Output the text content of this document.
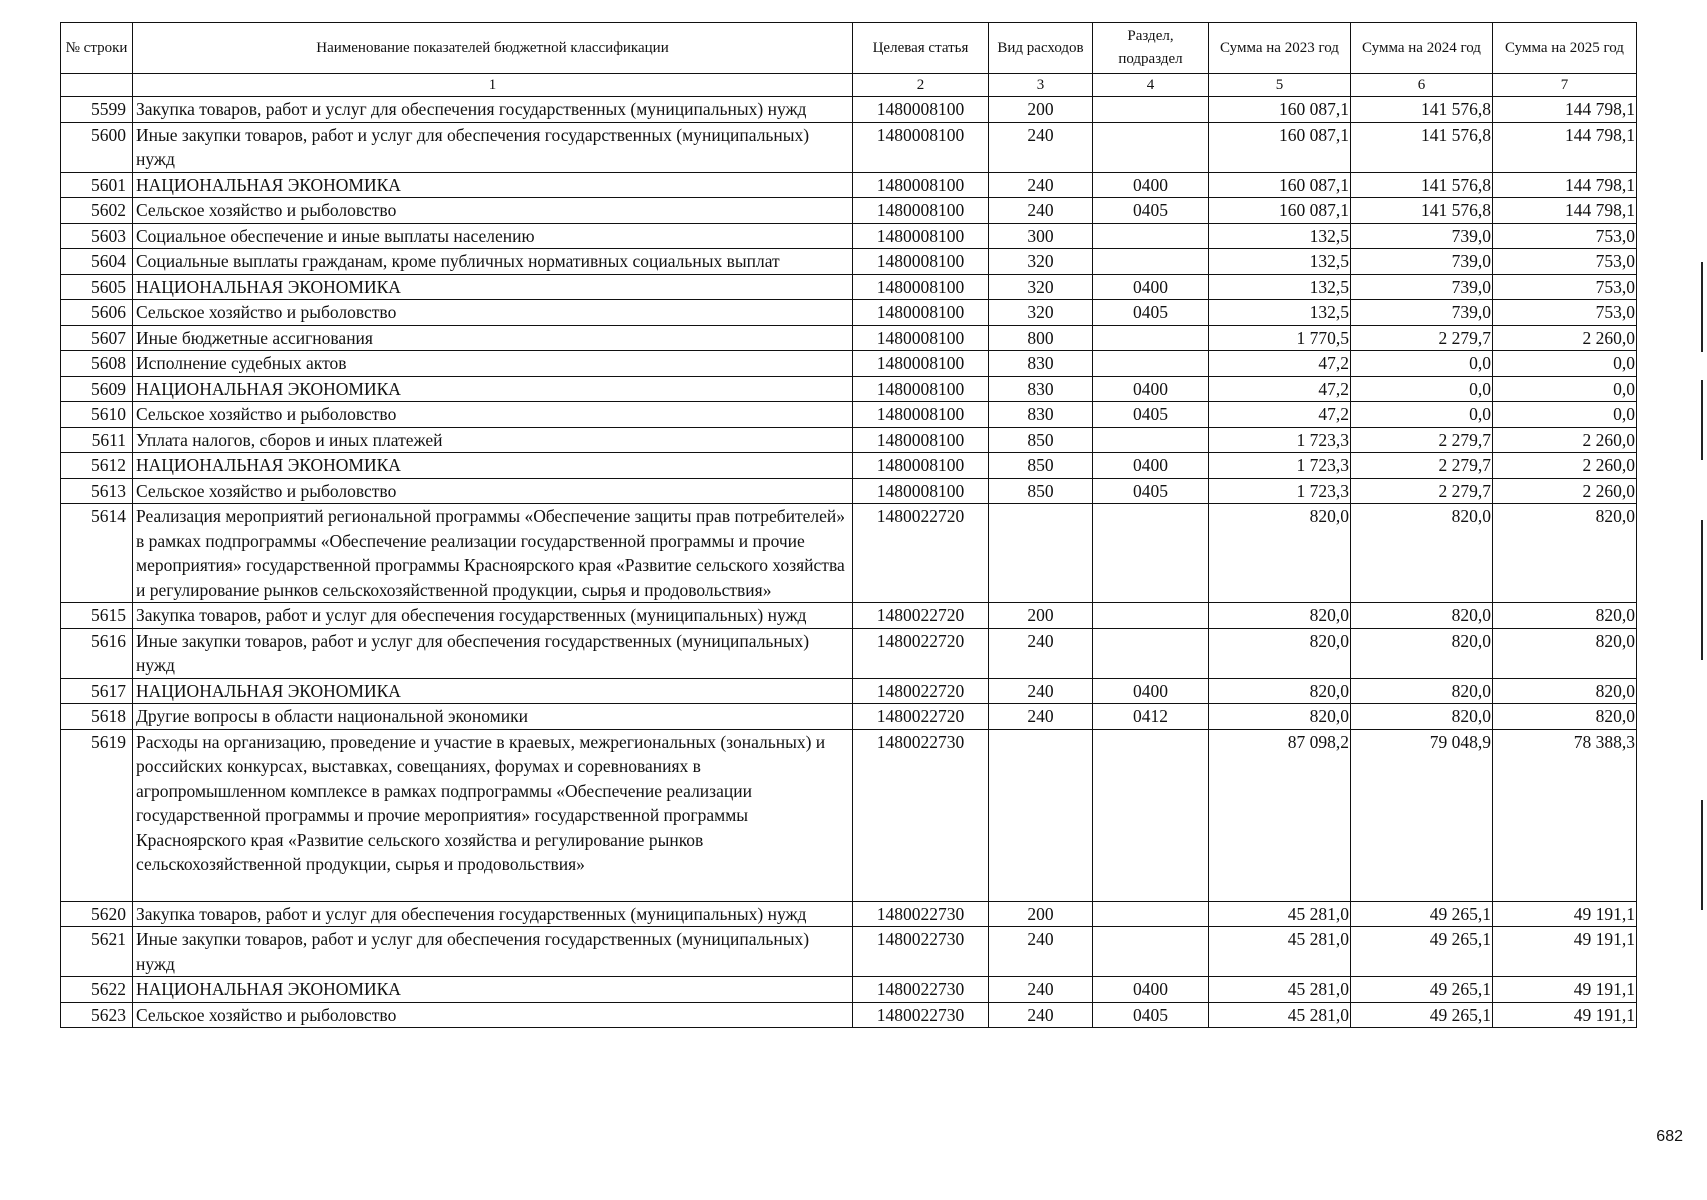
№ строки	Наименование показателей бюджетной классификации	Целевая статья	Вид расходов	Раздел, подраздел	Сумма на 2023 год	Сумма на 2024 год	Сумма на 2025 год
	1	2	3	4	5	6	7
5599	Закупка товаров, работ и услуг для обеспечения государственных (муниципальных) нужд	1480008100	200		160 087,1	141 576,8	144 798,1
5600	Иные закупки товаров, работ и услуг для обеспечения государственных (муниципальных) нужд	1480008100	240		160 087,1	141 576,8	144 798,1
5601	НАЦИОНАЛЬНАЯ ЭКОНОМИКА	1480008100	240	0400	160 087,1	141 576,8	144 798,1
5602	Сельское хозяйство и рыболовство	1480008100	240	0405	160 087,1	141 576,8	144 798,1
5603	Социальное обеспечение и иные выплаты населению	1480008100	300		132,5	739,0	753,0
5604	Социальные выплаты гражданам, кроме публичных нормативных социальных выплат	1480008100	320		132,5	739,0	753,0
5605	НАЦИОНАЛЬНАЯ ЭКОНОМИКА	1480008100	320	0400	132,5	739,0	753,0
5606	Сельское хозяйство и рыболовство	1480008100	320	0405	132,5	739,0	753,0
5607	Иные бюджетные ассигнования	1480008100	800		1 770,5	2 279,7	2 260,0
5608	Исполнение судебных актов	1480008100	830		47,2	0,0	0,0
5609	НАЦИОНАЛЬНАЯ ЭКОНОМИКА	1480008100	830	0400	47,2	0,0	0,0
5610	Сельское хозяйство и рыболовство	1480008100	830	0405	47,2	0,0	0,0
5611	Уплата налогов, сборов и иных платежей	1480008100	850		1 723,3	2 279,7	2 260,0
5612	НАЦИОНАЛЬНАЯ ЭКОНОМИКА	1480008100	850	0400	1 723,3	2 279,7	2 260,0
5613	Сельское хозяйство и рыболовство	1480008100	850	0405	1 723,3	2 279,7	2 260,0
5614	Реализация мероприятий региональной программы «Обеспечение защиты прав потребителей» в рамках подпрограммы «Обеспечение реализации государственной программы и прочие мероприятия» государственной программы Красноярского края «Развитие сельского хозяйства и регулирование рынков сельскохозяйственной продукции, сырья и продовольствия»	1480022720			820,0	820,0	820,0
5615	Закупка товаров, работ и услуг для обеспечения государственных (муниципальных) нужд	1480022720	200		820,0	820,0	820,0
5616	Иные закупки товаров, работ и услуг для обеспечения государственных (муниципальных) нужд	1480022720	240		820,0	820,0	820,0
5617	НАЦИОНАЛЬНАЯ ЭКОНОМИКА	1480022720	240	0400	820,0	820,0	820,0
5618	Другие вопросы в области национальной экономики	1480022720	240	0412	820,0	820,0	820,0
5619	Расходы на организацию, проведение и участие в краевых, межрегиональных (зональных) и российских конкурсах, выставках, совещаниях, форумах и соревнованиях в агропромышленном комплексе в рамках подпрограммы «Обеспечение реализации государственной программы и прочие мероприятия» государственной программы Красноярского края «Развитие сельского хозяйства и регулирование рынков сельскохозяйственной продукции, сырья и продовольствия»	1480022730			87 098,2	79 048,9	78 388,3
5620	Закупка товаров, работ и услуг для обеспечения государственных (муниципальных) нужд	1480022730	200		45 281,0	49 265,1	49 191,1
5621	Иные закупки товаров, работ и услуг для обеспечения государственных (муниципальных) нужд	1480022730	240		45 281,0	49 265,1	49 191,1
5622	НАЦИОНАЛЬНАЯ ЭКОНОМИКА	1480022730	240	0400	45 281,0	49 265,1	49 191,1
5623	Сельское хозяйство и рыболовство	1480022730	240	0405	45 281,0	49 265,1	49 191,1
682
